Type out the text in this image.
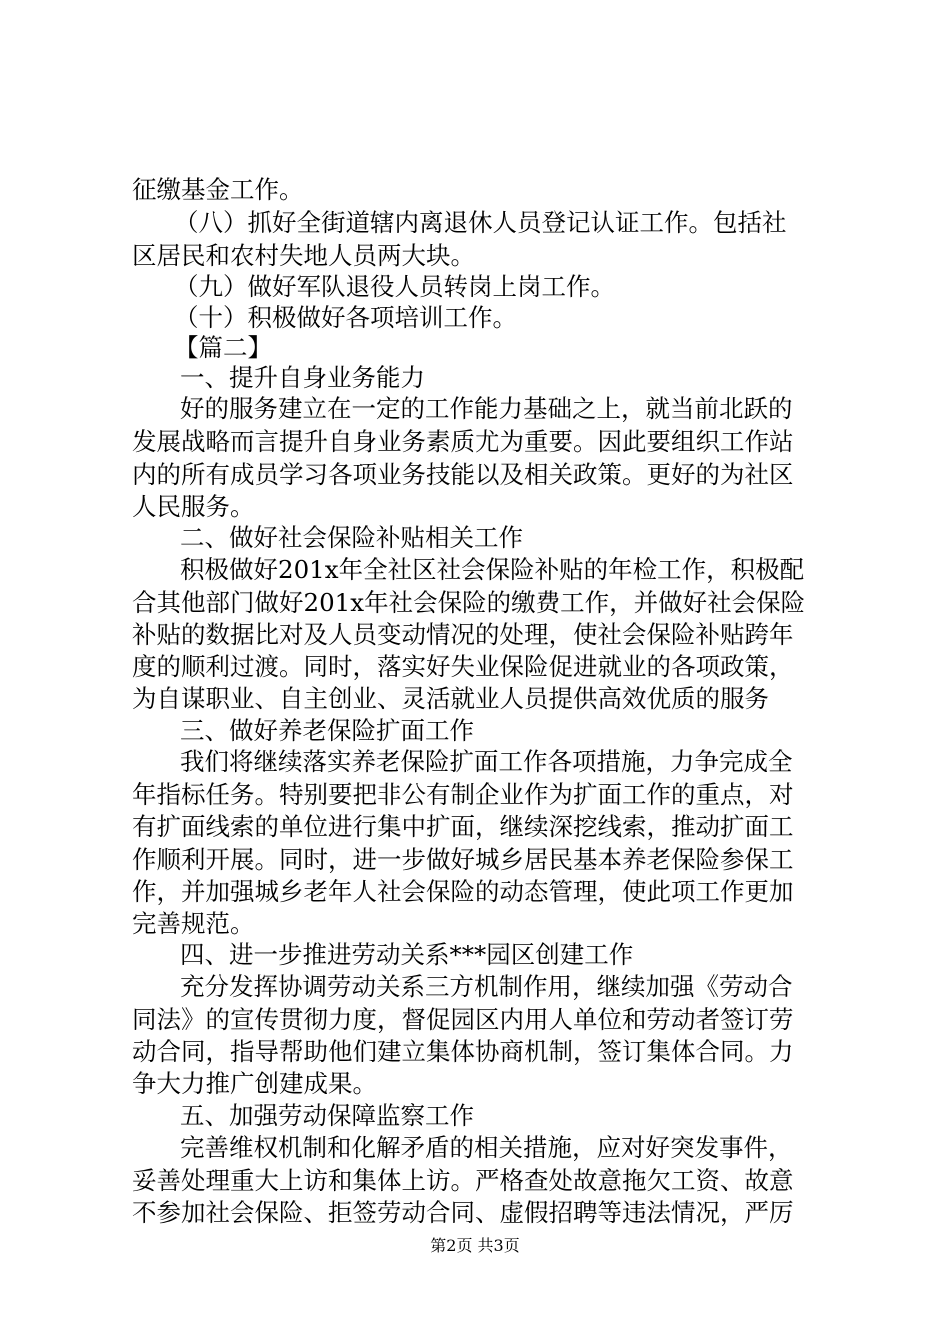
征缴基金工作。
（八）抓好全街道辖内离退休人员登记认证工作。包括社
区居民和农村失地人员两大块。
（九）做好军队退役人员转岗上岗工作。
（十）积极做好各项培训工作。
【篇二】
一、提升自身业务能力
好的服务建立在一定的工作能力基础之上，就当前北跃的
发展战略而言提升自身业务素质尤为重要。因此要组织工作站
内的所有成员学习各项业务技能以及相关政策。更好的为社区
人民服务。
二、做好社会保险补贴相关工作
积极做好201x年全社区社会保险补贴的年检工作，积极配
合其他部门做好201x年社会保险的缴费工作，并做好社会保险
补贴的数据比对及人员变动情况的处理，使社会保险补贴跨年
度的顺利过渡。同时，落实好失业保险促进就业的各项政策，
为自谋职业、自主创业、灵活就业人员提供高效优质的服务
三、做好养老保险扩面工作
我们将继续落实养老保险扩面工作各项措施，力争完成全
年指标任务。特别要把非公有制企业作为扩面工作的重点，对
有扩面线索的单位进行集中扩面，继续深挖线索，推动扩面工
作顺利开展。同时，进一步做好城乡居民基本养老保险参保工
作，并加强城乡老年人社会保险的动态管理，使此项工作更加
完善规范。
四、进一步推进劳动关系***园区创建工作
充分发挥协调劳动关系三方机制作用，继续加强《劳动合
同法》的宣传贯彻力度，督促园区内用人单位和劳动者签订劳
动合同，指导帮助他们建立集体协商机制，签订集体合同。力
争大力推广创建成果。
五、加强劳动保障监察工作
完善维权机制和化解矛盾的相关措施，应对好突发事件，
妥善处理重大上访和集体上访。严格查处故意拖欠工资、故意
不参加社会保险、拒签劳动合同、虚假招聘等违法情况，严厉
第2页 共3页
